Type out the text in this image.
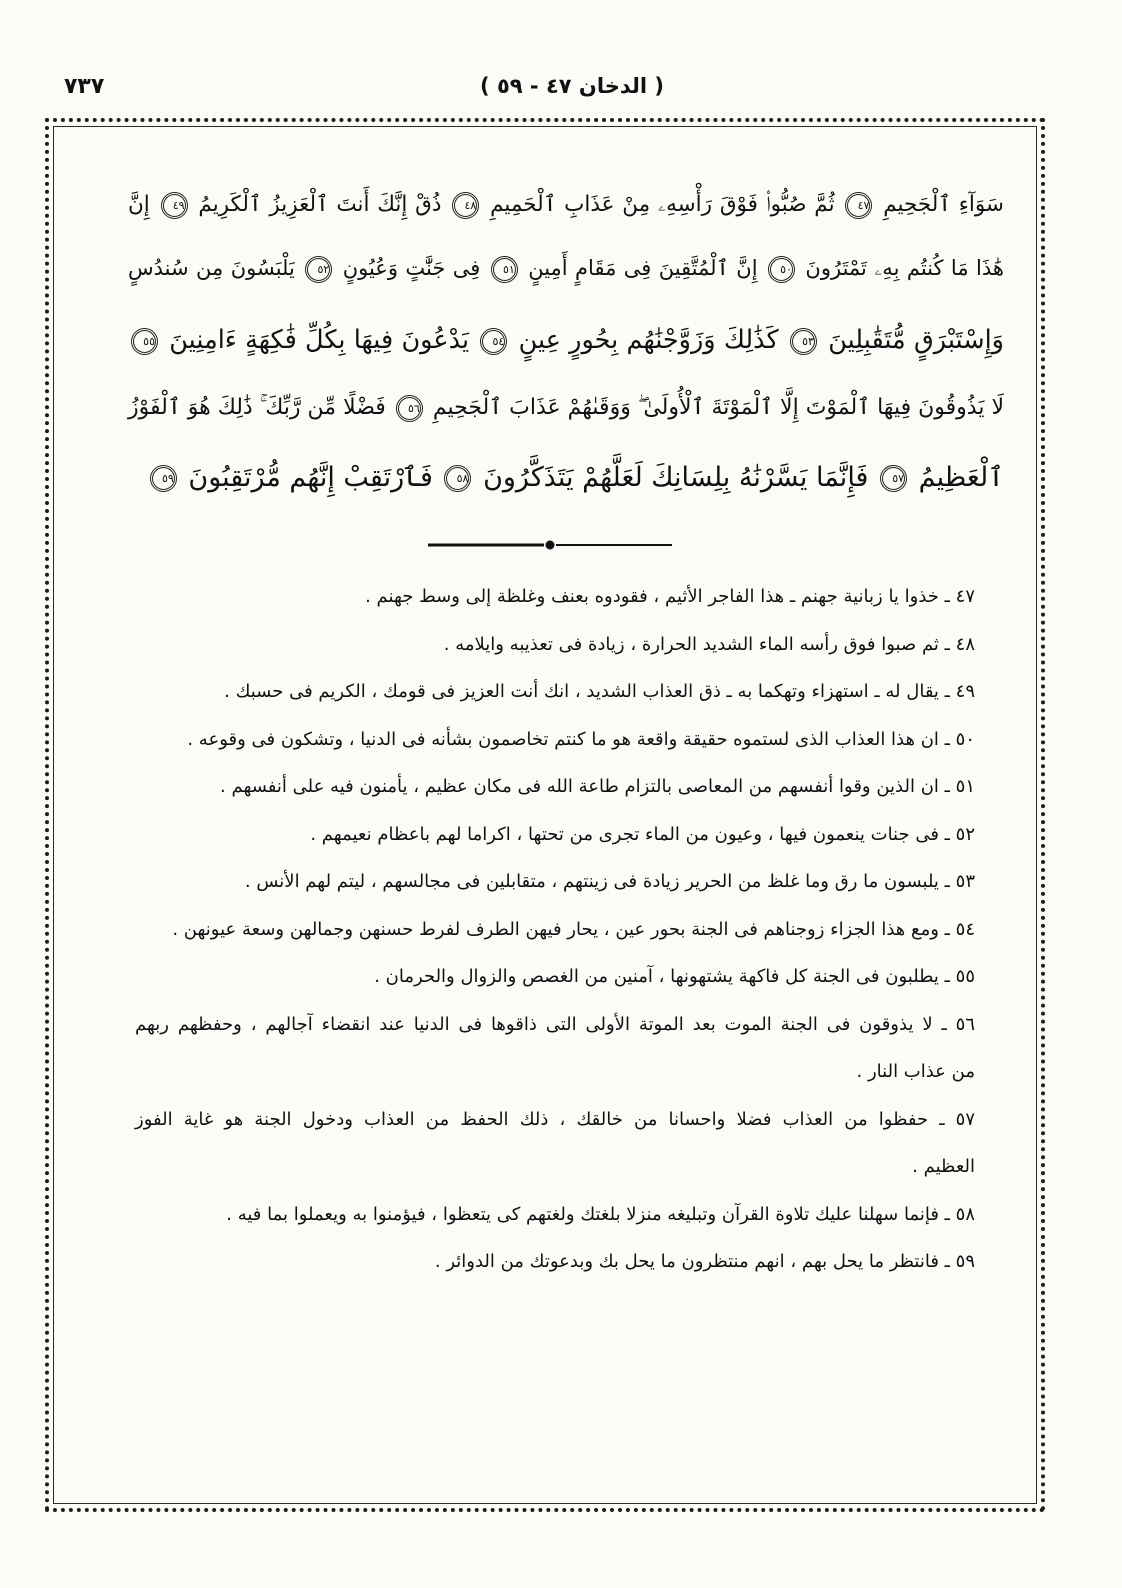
٧٣٧	( الدخان ٤٧ - ٥٩ )
سَوَآءِ ٱلْجَحِيمِ ٤٧ ثُمَّ صُبُّوا۟ فَوْقَ رَأْسِهِۦ مِنْ عَذَابِ ٱلْحَمِيمِ ٤٨ ذُقْ إِنَّكَ أَنتَ ٱلْعَزِيزُ ٱلْكَرِيمُ ٤٩ إِنَّ
هَٰذَا مَا كُنتُم بِهِۦ تَمْتَرُونَ ٥٠ إِنَّ ٱلْمُتَّقِينَ فِى مَقَامٍ أَمِينٍ ٥١ فِى جَنَّٰتٍ وَعُيُونٍ ٥٢ يَلْبَسُونَ مِن سُندُسٍ
وَإِسْتَبْرَقٍ مُّتَقَٰبِلِينَ ٥٣ كَذَٰلِكَ وَزَوَّجْنَٰهُم بِحُورٍ عِينٍ ٥٤ يَدْعُونَ فِيهَا بِكُلِّ فَٰكِهَةٍ ءَامِنِينَ ٥٥
لَا يَذُوقُونَ فِيهَا ٱلْمَوْتَ إِلَّا ٱلْمَوْتَةَ ٱلْأُولَىٰ ۖ وَوَقَىٰهُمْ عَذَابَ ٱلْجَحِيمِ ٥٦ فَضْلًا مِّن رَّبِّكَ ۚ ذَٰلِكَ هُوَ ٱلْفَوْزُ
ٱلْعَظِيمُ ٥٧ فَإِنَّمَا يَسَّرْنَٰهُ بِلِسَانِكَ لَعَلَّهُمْ يَتَذَكَّرُونَ ٥٨ فَٱرْتَقِبْ إِنَّهُم مُّرْتَقِبُونَ ٥٩
٤٧ ـ خذوا يا زبانية جهنم ـ هذا الفاجر الأثيم ، فقودوه بعنف وغلظة إلى وسط جهنم .
٤٨ ـ ثم صبوا فوق رأسه الماء الشديد الحرارة ، زيادة فى تعذيبه وايلامه .
٤٩ ـ يقال له ـ استهزاء وتهكما به ـ ذق العذاب الشديد ، انك أنت العزيز فى قومك ، الكريم فى حسبك .
٥٠ ـ ان هذا العذاب الذى لستموه حقيقة واقعة هو ما كنتم تخاصمون بشأنه فى الدنيا ، وتشكون فى وقوعه .
٥١ ـ ان الذين وقوا أنفسهم من المعاصى بالتزام طاعة الله فى مكان عظيم ، يأمنون فيه على أنفسهم .
٥٢ ـ فى جنات ينعمون فيها ، وعيون من الماء تجرى من تحتها ، اكراما لهم باعظام نعيمهم .
٥٣ ـ يلبسون ما رق وما غلظ من الحرير زيادة فى زينتهم ، متقابلين فى مجالسهم ، ليتم لهم الأنس .
٥٤ ـ ومع هذا الجزاء زوجناهم فى الجنة بحور عين ، يحار فيهن الطرف لفرط حسنهن وجمالهن وسعة عيونهن .
٥٥ ـ يطلبون فى الجنة كل فاكهة يشتهونها ، آمنين من الغصص والزوال والحرمان .
٥٦ ـ لا يذوقون فى الجنة الموت بعد الموتة الأولى التى ذاقوها فى الدنيا عند انقضاء آجالهم ، وحفظهم ربهم
من عذاب النار .
٥٧ ـ حفظوا من العذاب فضلا واحسانا من خالقك ، ذلك الحفظ من العذاب ودخول الجنة هو غاية الفوز
العظيم .
٥٨ ـ فإنما سهلنا عليك تلاوة القرآن وتبليغه منزلا بلغتك ولغتهم كى يتعظوا ، فيؤمنوا به ويعملوا بما فيه .
٥٩ ـ فانتظر ما يحل بهم ، انهم منتظرون ما يحل بك وبدعوتك من الدوائر .
